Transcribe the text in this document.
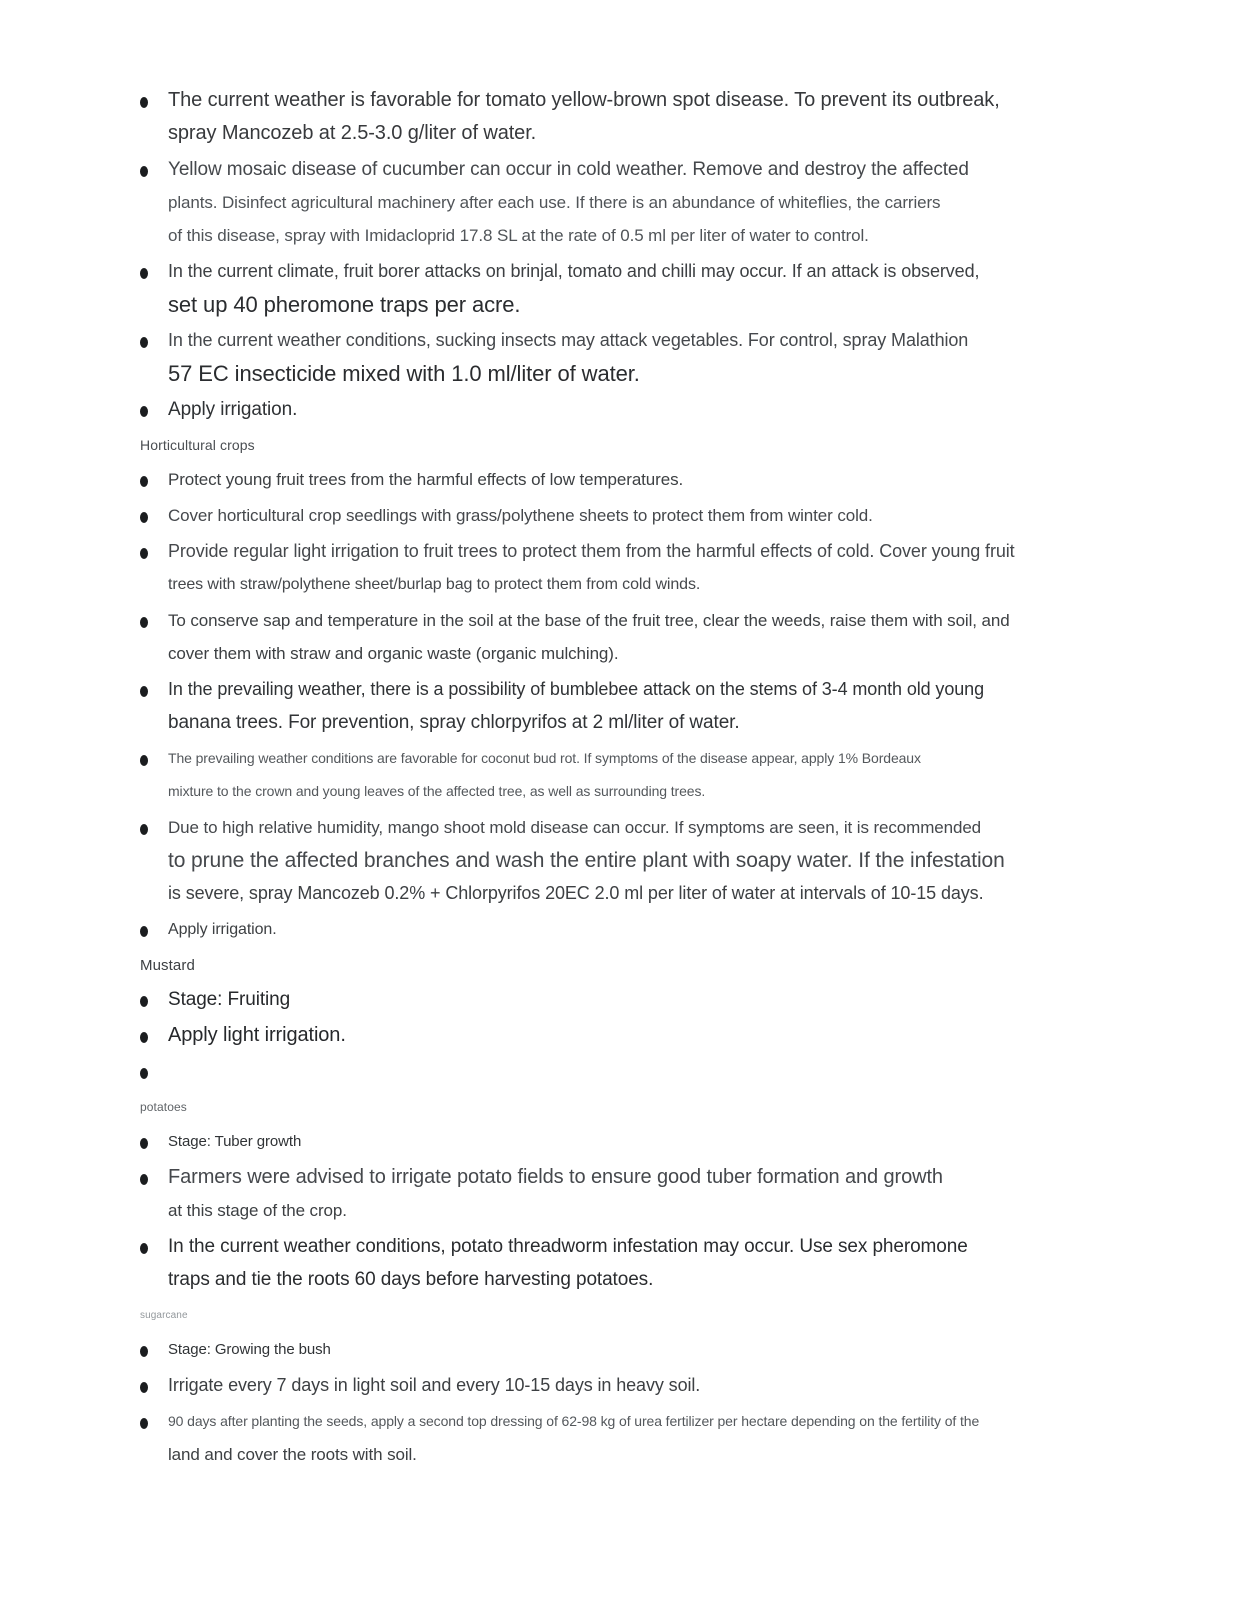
The current weather is favorable for tomato yellow-brown spot disease. To prevent its outbreak,
spray Mancozeb at 2.5-3.0 g/liter of water.
Yellow mosaic disease of cucumber can occur in cold weather. Remove and destroy the affected
plants. Disinfect agricultural machinery after each use. If there is an abundance of whiteflies, the carriers
of this disease, spray with Imidacloprid 17.8 SL at the rate of 0.5 ml per liter of water to control.
In the current climate, fruit borer attacks on brinjal, tomato and chilli may occur. If an attack is observed,
set up 40 pheromone traps per acre.
In the current weather conditions, sucking insects may attack vegetables. For control, spray Malathion
57 EC insecticide mixed with 1.0 ml/liter of water.
Apply irrigation.
Horticultural crops
Protect young fruit trees from the harmful effects of low temperatures.
Cover horticultural crop seedlings with grass/polythene sheets to protect them from winter cold.
Provide regular light irrigation to fruit trees to protect them from the harmful effects of cold. Cover young fruit
trees with straw/polythene sheet/burlap bag to protect them from cold winds.
To conserve sap and temperature in the soil at the base of the fruit tree, clear the weeds, raise them with soil, and
cover them with straw and organic waste (organic mulching).
In the prevailing weather, there is a possibility of bumblebee attack on the stems of 3-4 month old young
banana trees. For prevention, spray chlorpyrifos at 2 ml/liter of water.
The prevailing weather conditions are favorable for coconut bud rot. If symptoms of the disease appear, apply 1% Bordeaux
mixture to the crown and young leaves of the affected tree, as well as surrounding trees.
Due to high relative humidity, mango shoot mold disease can occur. If symptoms are seen, it is recommended
to prune the affected branches and wash the entire plant with soapy water. If the infestation
is severe, spray Mancozeb 0.2% + Chlorpyrifos 20EC 2.0 ml per liter of water at intervals of 10-15 days.
Apply irrigation.
Mustard
Stage: Fruiting
Apply light irrigation.
potatoes
Stage: Tuber growth
Farmers were advised to irrigate potato fields to ensure good tuber formation and growth
at this stage of the crop.
In the current weather conditions, potato threadworm infestation may occur. Use sex pheromone
traps and tie the roots 60 days before harvesting potatoes.
sugarcane
Stage: Growing the bush
Irrigate every 7 days in light soil and every 10-15 days in heavy soil.
90 days after planting the seeds, apply a second top dressing of 62-98 kg of urea fertilizer per hectare depending on the fertility of the
land and cover the roots with soil.
